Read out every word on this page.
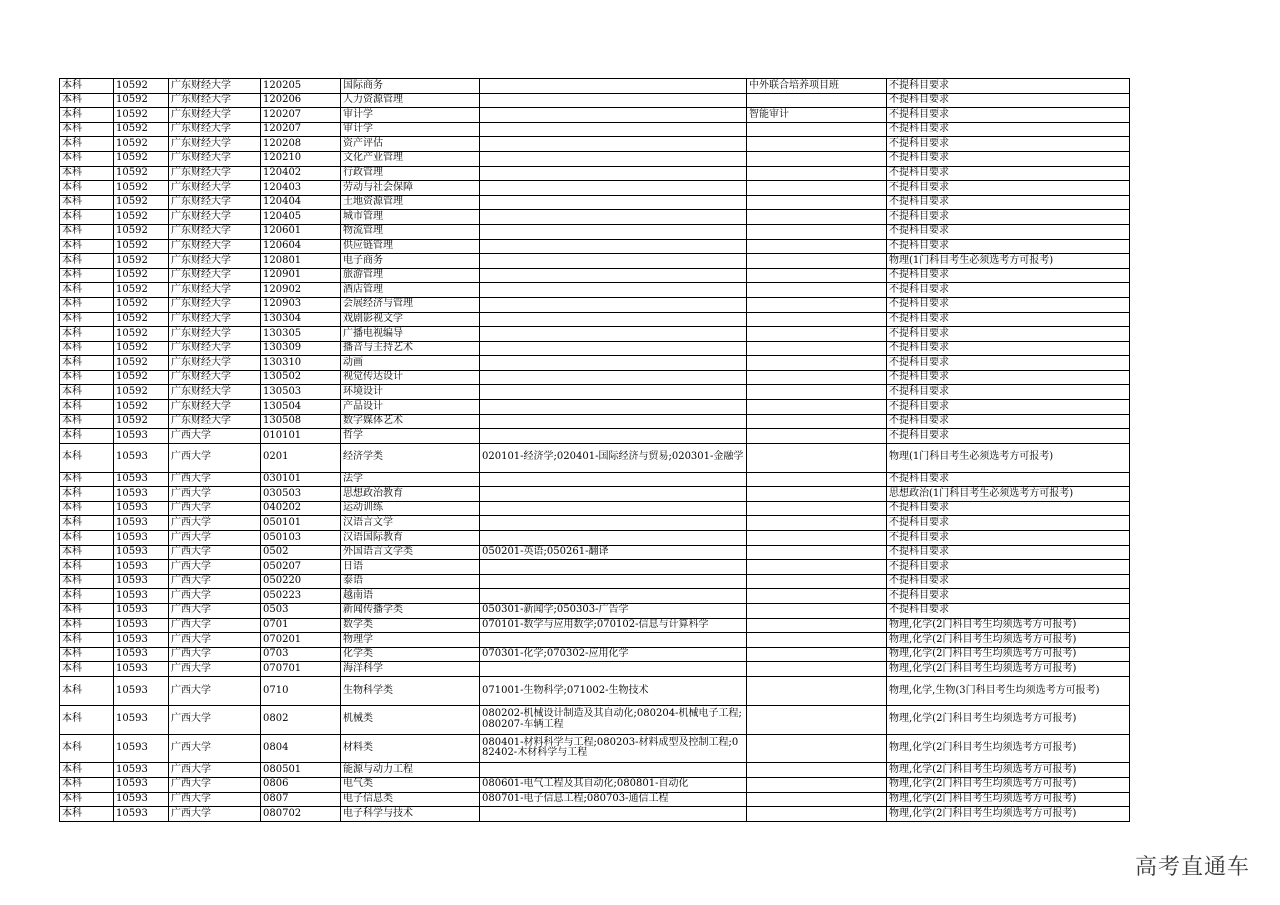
本科	10592	广东财经大学	120205	国际商务		中外联合培养项目班	不提科目要求
本科	10592	广东财经大学	120206	人力资源管理			不提科目要求
本科	10592	广东财经大学	120207	审计学		智能审计	不提科目要求
本科	10592	广东财经大学	120207	审计学			不提科目要求
本科	10592	广东财经大学	120208	资产评估			不提科目要求
本科	10592	广东财经大学	120210	文化产业管理			不提科目要求
本科	10592	广东财经大学	120402	行政管理			不提科目要求
本科	10592	广东财经大学	120403	劳动与社会保障			不提科目要求
本科	10592	广东财经大学	120404	土地资源管理			不提科目要求
本科	10592	广东财经大学	120405	城市管理			不提科目要求
本科	10592	广东财经大学	120601	物流管理			不提科目要求
本科	10592	广东财经大学	120604	供应链管理			不提科目要求
本科	10592	广东财经大学	120801	电子商务			物理(1门科目考生必须选考方可报考)
本科	10592	广东财经大学	120901	旅游管理			不提科目要求
本科	10592	广东财经大学	120902	酒店管理			不提科目要求
本科	10592	广东财经大学	120903	会展经济与管理			不提科目要求
本科	10592	广东财经大学	130304	戏剧影视文学			不提科目要求
本科	10592	广东财经大学	130305	广播电视编导			不提科目要求
本科	10592	广东财经大学	130309	播音与主持艺术			不提科目要求
本科	10592	广东财经大学	130310	动画			不提科目要求
本科	10592	广东财经大学	130502	视觉传达设计			不提科目要求
本科	10592	广东财经大学	130503	环境设计			不提科目要求
本科	10592	广东财经大学	130504	产品设计			不提科目要求
本科	10592	广东财经大学	130508	数字媒体艺术			不提科目要求
本科	10593	广西大学	010101	哲学			不提科目要求
本科	10593	广西大学	0201	经济学类	020101-经济学;020401-国际经济与贸易;020301-金融学		物理(1门科目考生必须选考方可报考)
本科	10593	广西大学	030101	法学			不提科目要求
本科	10593	广西大学	030503	思想政治教育			思想政治(1门科目考生必须选考方可报考)
本科	10593	广西大学	040202	运动训练			不提科目要求
本科	10593	广西大学	050101	汉语言文学			不提科目要求
本科	10593	广西大学	050103	汉语国际教育			不提科目要求
本科	10593	广西大学	0502	外国语言文学类	050201-英语;050261-翻译		不提科目要求
本科	10593	广西大学	050207	日语			不提科目要求
本科	10593	广西大学	050220	泰语			不提科目要求
本科	10593	广西大学	050223	越南语			不提科目要求
本科	10593	广西大学	0503	新闻传播学类	050301-新闻学;050303-广告学		不提科目要求
本科	10593	广西大学	0701	数学类	070101-数学与应用数学;070102-信息与计算科学		物理,化学(2门科目考生均须选考方可报考)
本科	10593	广西大学	070201	物理学			物理,化学(2门科目考生均须选考方可报考)
本科	10593	广西大学	0703	化学类	070301-化学;070302-应用化学		物理,化学(2门科目考生均须选考方可报考)
本科	10593	广西大学	070701	海洋科学			物理,化学(2门科目考生均须选考方可报考)
本科	10593	广西大学	0710	生物科学类	071001-生物科学;071002-生物技术		物理,化学,生物(3门科目考生均须选考方可报考)
本科	10593	广西大学	0802	机械类	080202-机械设计制造及其自动化;080204-机械电子工程;080207-车辆工程		物理,化学(2门科目考生均须选考方可报考)
本科	10593	广西大学	0804	材料类	080401-材料科学与工程;080203-材料成型及控制工程;082402-木材科学与工程		物理,化学(2门科目考生均须选考方可报考)
本科	10593	广西大学	080501	能源与动力工程			物理,化学(2门科目考生均须选考方可报考)
本科	10593	广西大学	0806	电气类	080601-电气工程及其自动化;080801-自动化		物理,化学(2门科目考生均须选考方可报考)
本科	10593	广西大学	0807	电子信息类	080701-电子信息工程;080703-通信工程		物理,化学(2门科目考生均须选考方可报考)
本科	10593	广西大学	080702	电子科学与技术			物理,化学(2门科目考生均须选考方可报考)
高考直通车
